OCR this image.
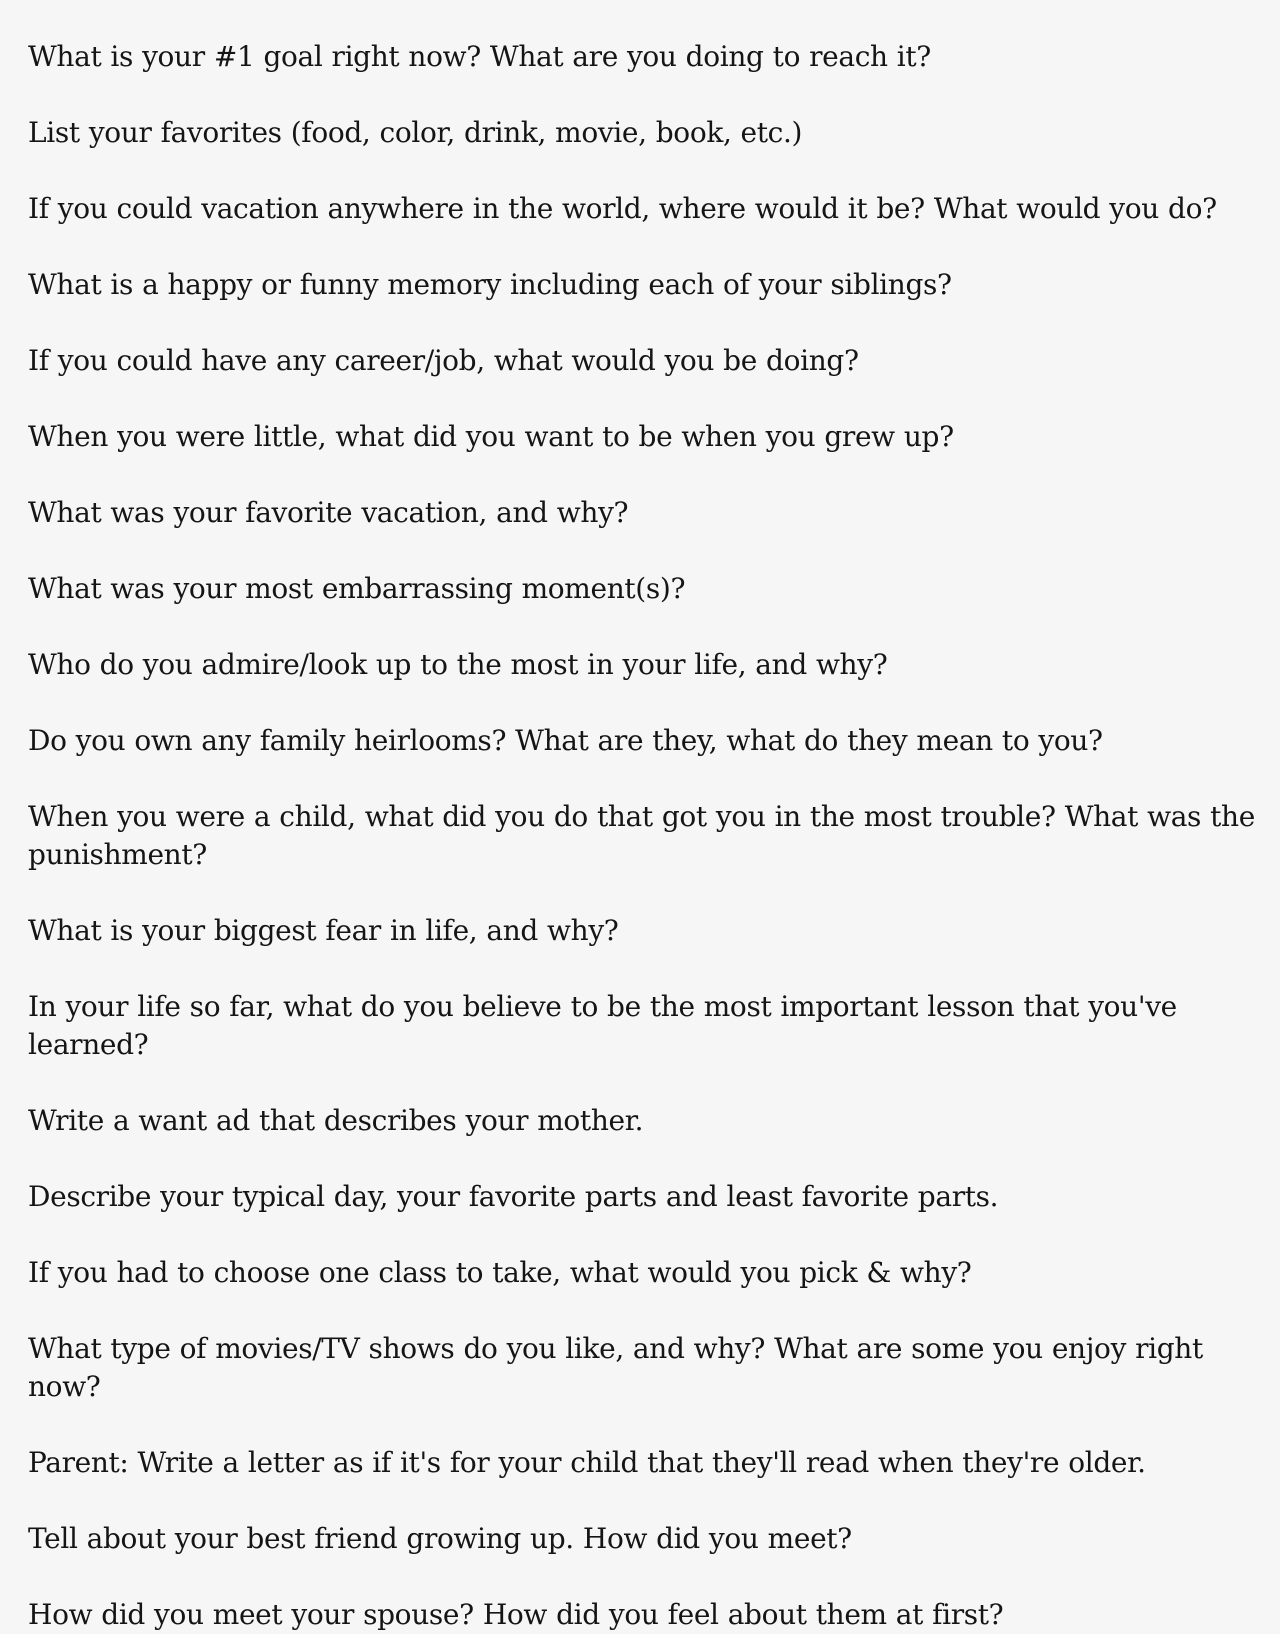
What is your #1 goal right now? What are you doing to reach it?
List your favorites (food, color, drink, movie, book, etc.)
If you could vacation anywhere in the world, where would it be? What would you do?
What is a happy or funny memory including each of your siblings?
If you could have any career/job, what would you be doing?
When you were little, what did you want to be when you grew up?
What was your favorite vacation, and why?
What was your most embarrassing moment(s)?
Who do you admire/look up to the most in your life, and why?
Do you own any family heirlooms? What are they, what do they mean to you?
When you were a child, what did you do that got you in the most trouble? What was the punishment?
What is your biggest fear in life, and why?
In your life so far, what do you believe to be the most important lesson that you've learned?
Write a want ad that describes your mother.
Describe your typical day, your favorite parts and least favorite parts.
If you had to choose one class to take, what would you pick & why?
What type of movies/TV shows do you like, and why? What are some you enjoy right now?
Parent: Write a letter as if it's for your child that they'll read when they're older.
Tell about your best friend growing up. How did you meet?
How did you meet your spouse? How did you feel about them at first?
